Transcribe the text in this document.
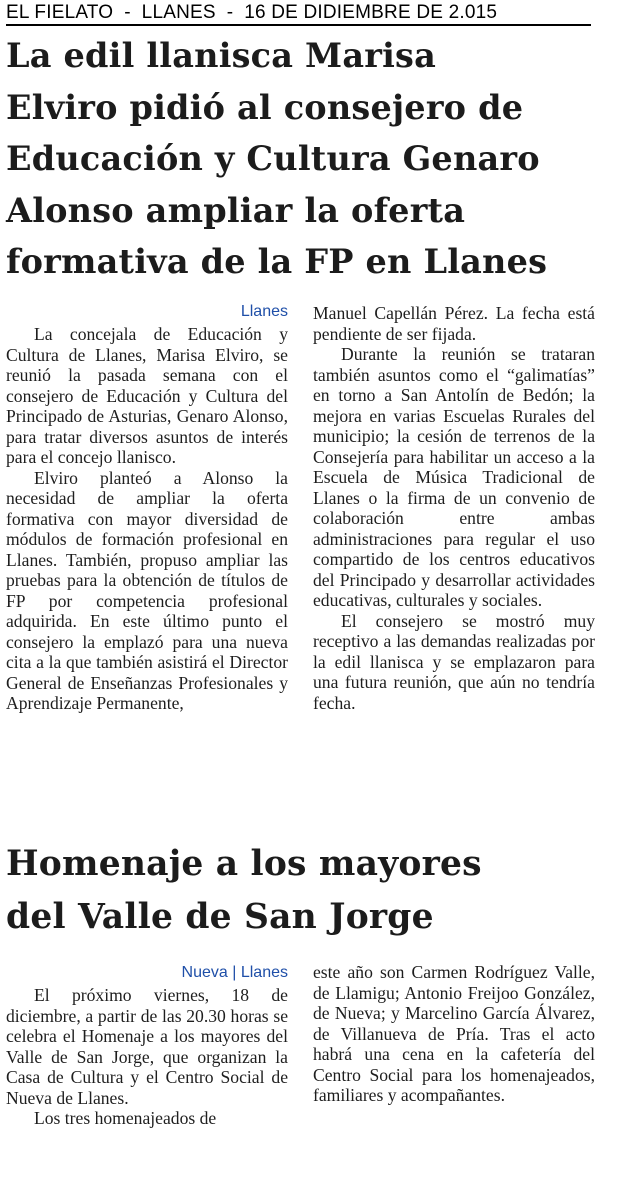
EL FIELATO  -  LLANES  -  16 DE DIDIEMBRE DE 2.015
La edil llanisca Marisa
Elviro pidió al consejero de
Educación y Cultura Genaro
Alonso ampliar la oferta
formativa de la FP en Llanes
Llanes

La concejala de Educación y Cultura de Llanes, Marisa Elviro, se reunió la pasada semana con el consejero de Educación y Cultura del Principado de Asturias, Genaro Alonso, para tratar diversos asuntos de interés para el concejo llanisco.

Elviro planteó a Alonso la necesidad de ampliar la oferta formativa con mayor diversidad de módulos de formación profesional en Llanes. También, propuso ampliar las pruebas para la obtención de títulos de FP por competencia profesional adquirida. En este último punto el consejero la emplazó para una nueva cita a la que también asistirá el Director General de Enseñanzas Profesionales y Aprendizaje Permanente,

Manuel Capellán Pérez. La fecha está pendiente de ser fijada.

Durante la reunión se trataran también asuntos como el “galimatías” en torno a San Antolín de Bedón; la mejora en varias Escuelas Rurales del municipio; la cesión de terrenos de la Consejería para habilitar un acceso a la Escuela de Música Tradicional de Llanes o la firma de un convenio de colaboración entre ambas administraciones para regular el uso compartido de los centros educativos del Principado y desarrollar actividades educativas, culturales y sociales.

El consejero se mostró muy receptivo a las demandas realizadas por la edil llanisca y se emplazaron para una futura reunión, que aún no tendría fecha.

Homenaje a los mayores
del Valle de San Jorge
Nueva | Llanes

El próximo viernes, 18 de diciembre, a partir de las 20.30 horas se celebra el Homenaje a los mayores del Valle de San Jorge, que organizan la Casa de Cultura y el Centro Social de Nueva de Llanes.

Los tres homenajeados de

este año son Carmen Rodríguez Valle, de Llamigu; Antonio Freijoo González, de Nueva; y Marcelino García Álvarez, de Villanueva de Pría. Tras el acto habrá una cena en la cafetería del Centro Social para los homenajeados, familiares y acompañantes.
